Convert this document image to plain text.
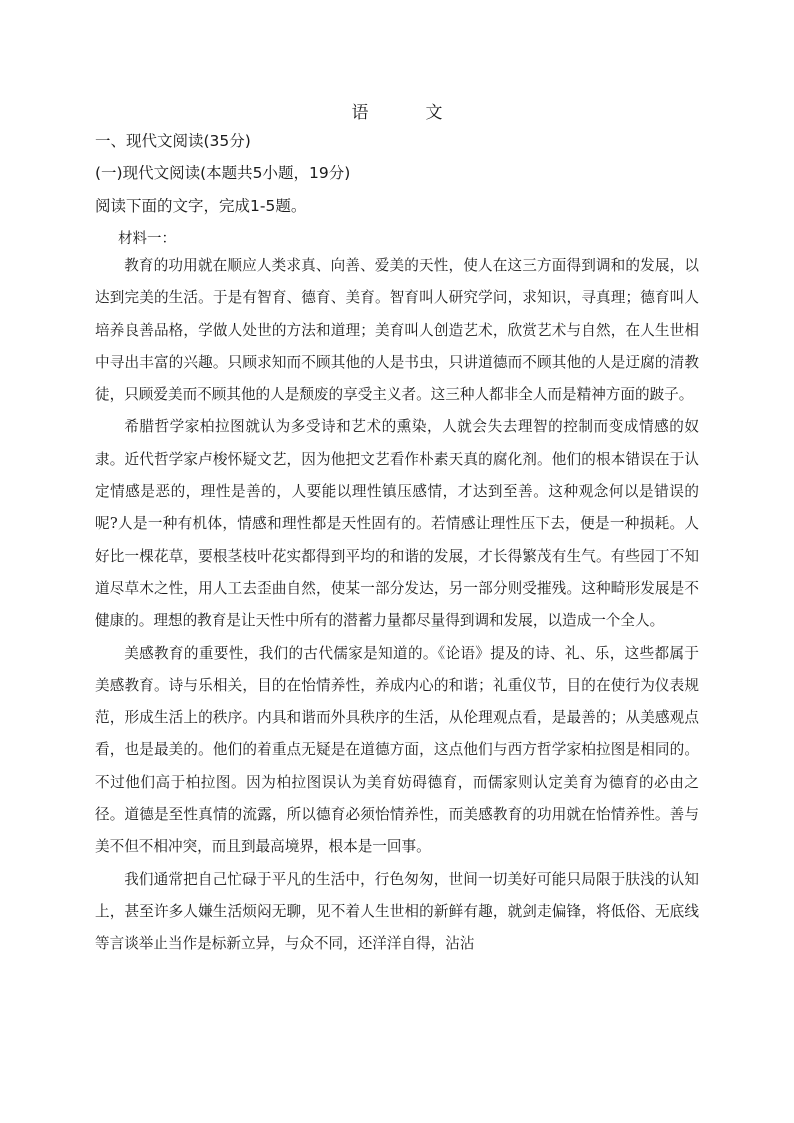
语　文
一、现代文阅读(35分)
(一)现代文阅读(本题共5小题，19分)
阅读下面的文字，完成1-5题。
材料一：

教育的功用就在顺应人类求真、向善、爱美的天性，使人在这三方面得到调和的发展，以达到完美的生活。于是有智育、德育、美育。智育叫人研究学问，求知识，寻真理；德育叫人培养良善品格，学做人处世的方法和道理；美育叫人创造艺术，欣赏艺术与自然，在人生世相中寻出丰富的兴趣。只顾求知而不顾其他的人是书虫，只讲道德而不顾其他的人是迂腐的清教徒，只顾爱美而不顾其他的人是颓废的享受主义者。这三种人都非全人而是精神方面的跛子。

希腊哲学家柏拉图就认为多受诗和艺术的熏染，人就会失去理智的控制而变成情感的奴隶。近代哲学家卢梭怀疑文艺，因为他把文艺看作朴素天真的腐化剂。他们的根本错误在于认定情感是恶的，理性是善的，人要能以理性镇压感情，才达到至善。这种观念何以是错误的呢?人是一种有机体，情感和理性都是天性固有的。若情感让理性压下去，便是一种损耗。人好比一棵花草，要根茎枝叶花实都得到平均的和谐的发展，才长得繁茂有生气。有些园丁不知道尽草木之性，用人工去歪曲自然，使某一部分发达，另一部分则受摧残。这种畸形发展是不健康的。理想的教育是让天性中所有的潜蓄力量都尽量得到调和发展，以造成一个全人。

美感教育的重要性，我们的古代儒家是知道的。《论语》提及的诗、礼、乐，这些都属于美感教育。诗与乐相关，目的在怡情养性，养成内心的和谐；礼重仪节，目的在使行为仪表规范，形成生活上的秩序。内具和谐而外具秩序的生活，从伦理观点看，是最善的；从美感观点看，也是最美的。他们的着重点无疑是在道德方面，这点他们与西方哲学家柏拉图是相同的。不过他们高于柏拉图。因为柏拉图误认为美育妨碍德育，而儒家则认定美育为德育的必由之径。道德是至性真情的流露，所以德育必须怡情养性，而美感教育的功用就在怡情养性。善与美不但不相冲突，而且到最高境界，根本是一回事。

我们通常把自己忙碌于平凡的生活中，行色匆匆，世间一切美好可能只局限于肤浅的认知上，甚至许多人嫌生活烦闷无聊，见不着人生世相的新鲜有趣，就剑走偏锋，将低俗、无底线等言谈举止当作是标新立异，与众不同，还洋洋自得，沾沾
